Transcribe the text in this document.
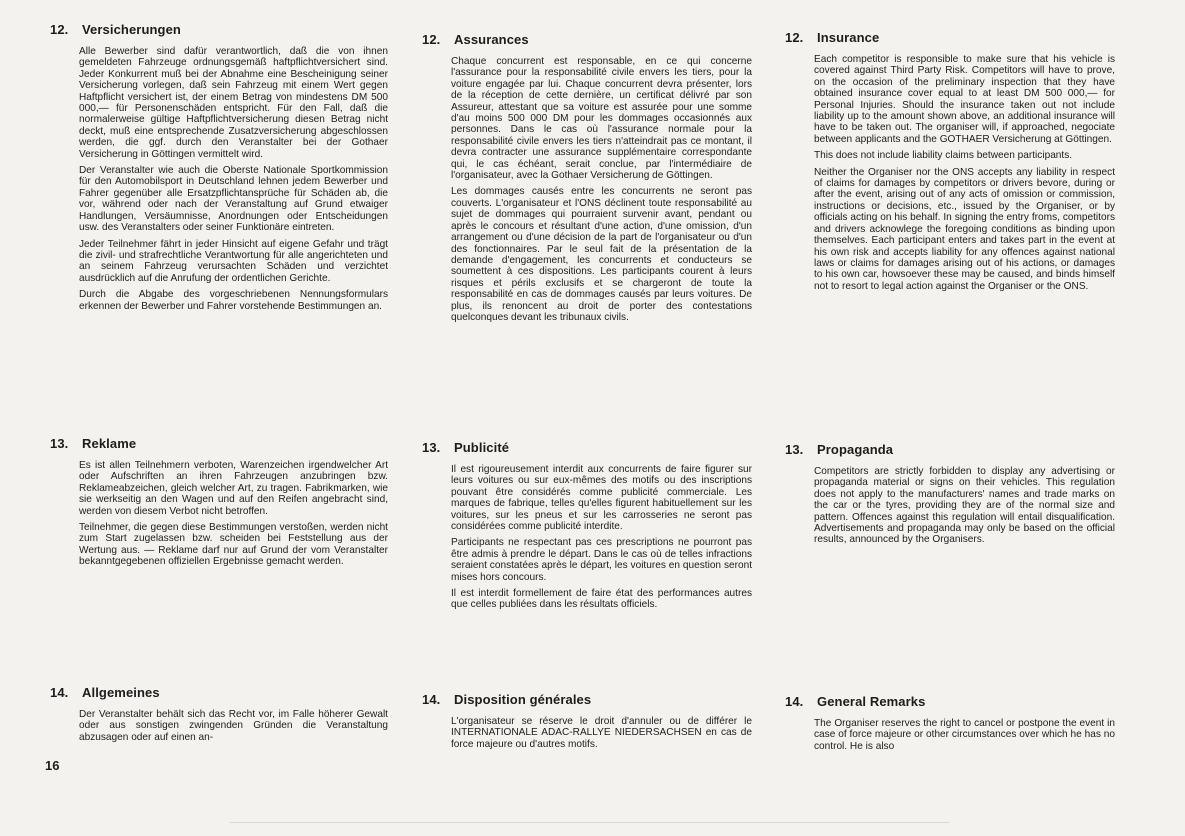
12. Versicherungen

Alle Bewerber sind dafür verantwortlich, daß die von ihnen gemeldeten Fahrzeuge ordnungsgemäß haftpflichtversichert sind. Jeder Konkurrent muß bei der Abnahme eine Bescheinigung seiner Versicherung vorlegen, daß sein Fahrzeug mit einem Wert gegen Haftpflicht versichert ist, der einem Betrag von mindestens DM 500 000,— für Personenschäden entspricht. Für den Fall, daß die normalerweise gültige Haftpflichtversicherung diesen Betrag nicht deckt, muß eine entsprechende Zusatzversicherung abgeschlossen werden, die ggf. durch den Veranstalter bei der Gothaer Versicherung in Göttingen vermittelt wird.

Der Veranstalter wie auch die Oberste Nationale Sportkommission für den Automobilsport in Deutschland lehnen jedem Bewerber und Fahrer gegenüber alle Ersatzpflichtansprüche für Schäden ab, die vor, während oder nach der Veranstaltung auf Grund etwaiger Handlungen, Versäumnisse, Anordnungen oder Entscheidungen usw. des Veranstalters oder seiner Funktionäre eintreten.

Jeder Teilnehmer fährt in jeder Hinsicht auf eigene Gefahr und trägt die zivil- und strafrechtliche Verantwortung für alle angerichteten und an seinem Fahrzeug verursachten Schäden und verzichtet ausdrücklich auf die Anrufung der ordentlichen Gerichte.

Durch die Abgabe des vorgeschriebenen Nennungsformulars erkennen der Bewerber und Fahrer vorstehende Bestimmungen an.

13. Reklame

Es ist allen Teilnehmern verboten, Warenzeichen irgendwelcher Art oder Aufschriften an ihren Fahrzeugen anzubringen bzw. Reklameabzeichen, gleich welcher Art, zu tragen. Fabrikmarken, wie sie werkseitig an den Wagen und auf den Reifen angebracht sind, werden von diesem Verbot nicht betroffen.

Teilnehmer, die gegen diese Bestimmungen verstoßen, werden nicht zum Start zugelassen bzw. scheiden bei Feststellung aus der Wertung aus. — Reklame darf nur auf Grund der vom Veranstalter bekanntgegebenen offiziellen Ergebnisse gemacht werden.

14. Allgemeines

Der Veranstalter behält sich das Recht vor, im Falle höherer Gewalt oder aus sonstigen zwingenden Gründen die Veranstaltung abzusagen oder auf einen an-

12. Assurances

Chaque concurrent est responsable, en ce qui concerne l'assurance pour la responsabilité civile envers les tiers, pour la voiture engagée par lui. Chaque concurrent devra présenter, lors de la réception de cette dernière, un certificat délivré par son Assureur, attestant que sa voiture est assurée pour une somme d'au moins 500 000 DM pour les dommages occasionnés aux personnes. Dans le cas où l'assurance normale pour la responsabilité civile envers les tiers n'atteindrait pas ce montant, il devra contracter une assurance supplémentaire correspondante qui, le cas échéant, serait conclue, par l'intermédiaire de l'organisateur, avec la Gothaer Versicherung de Göttingen.

Les dommages causés entre les concurrents ne seront pas couverts. L'organisateur et l'ONS déclinent toute responsabilité au sujet de dommages qui pourraient survenir avant, pendant ou après le concours et résultant d'une action, d'une omission, d'un arrangement ou d'une décision de la part de l'organisateur ou d'un des fonctionnaires. Par le seul fait de la présentation de la demande d'engagement, les concurrents et conducteurs se soumettent à ces dispositions. Les participants courent à leurs risques et périls exclusifs et se chargeront de toute la responsabilité en cas de dommages causés par leurs voitures. De plus, ils renoncent au droit de porter des contestations quelconques devant les tribunaux civils.

13. Publicité

Il est rigoureusement interdit aux concurrents de faire figurer sur leurs voitures ou sur eux-mêmes des motifs ou des inscriptions pouvant être considérés comme publicité commerciale. Les marques de fabrique, telles qu'elles figurent habituellement sur les voitures, sur les pneus et sur les carrosseries ne seront pas considérées comme publicité interdite.

Participants ne respectant pas ces prescriptions ne pourront pas être admis à prendre le départ. Dans le cas où de telles infractions seraient constatées après le départ, les voitures en question seront mises hors concours.

Il est interdit formellement de faire état des performances autres que celles publiées dans les résultats officiels.

14. Disposition générales

L'organisateur se réserve le droit d'annuler ou de différer le INTERNATIONALE ADAC-RALLYE NIEDERSACHSEN en cas de force majeure ou d'autres motifs.

12. Insurance

Each competitor is responsible to make sure that his vehicle is covered against Third Party Risk. Competitors will have to prove, on the occasion of the preliminary inspection that they have obtained insurance cover equal to at least DM 500 000,— for Personal Injuries. Should the insurance taken out not include liability up to the amount shown above, an additional insurance will have to be taken out. The organiser will, if approached, negociate between applicants and the GOTHAER Versicherung at Göttingen.

This does not include liability claims between participants.

Neither the Organiser nor the ONS accepts any liability in respect of claims for damages by competitors or drivers bevore, during or after the event, arising out of any acts of omission or commission, instructions or decisions, etc., issued by the Organiser, or by officials acting on his behalf. In signing the entry froms, competitors and drivers acknowlege the foregoing conditions as binding upon themselves. Each participant enters and takes part in the event at his own risk and accepts liability for any offences against national laws or claims for damages arising out of his actions, or damages to his own car, howsoever these may be caused, and binds himself not to resort to legal action against the Organiser or the ONS.

13. Propaganda

Competitors are strictly forbidden to display any advertising or propaganda material or signs on their vehicles. This regulation does not apply to the manufacturers' names and trade marks on the car or the tyres, providing they are of the normal size and pattern. Offences against this regulation will entail disqualification. Advertisements and propaganda may only be based on the official results, announced by the Organisers.

14. General Remarks

The Organiser reserves the right to cancel or postpone the event in case of force majeure or other circumstances over which he has no control. He is also

16
